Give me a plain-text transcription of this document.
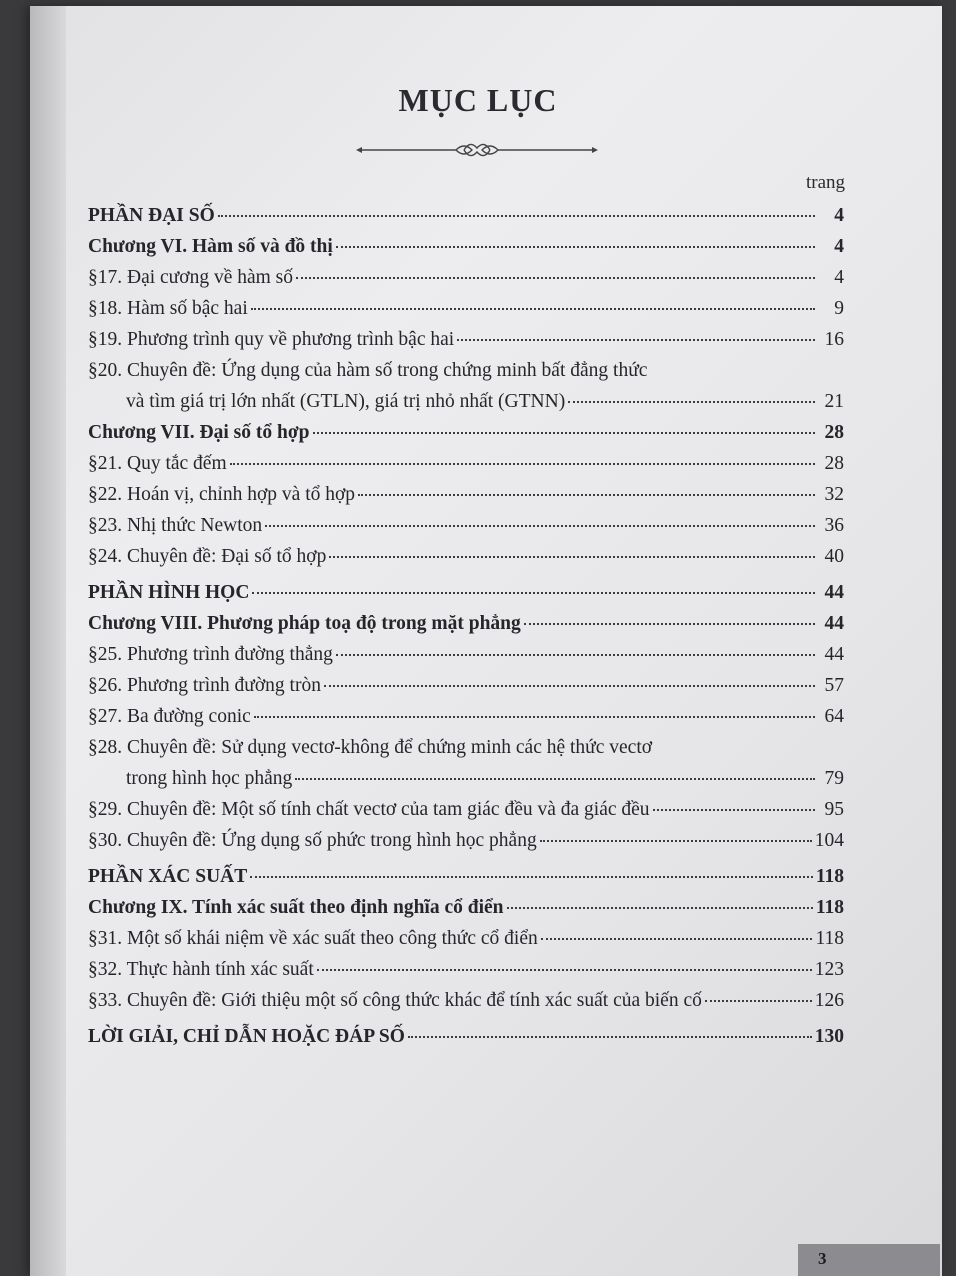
MỤC LỤC
trang
PHẦN ĐẠI SỐ	4
Chương VI. Hàm số và đồ thị	4
§17. Đại cương về hàm số	4
§18. Hàm số bậc hai	9
§19. Phương trình quy về phương trình bậc hai	16
§20. Chuyên đề: Ứng dụng của hàm số trong chứng minh bất đẳng thức
và tìm giá trị lớn nhất (GTLN), giá trị nhỏ nhất (GTNN)	21
Chương VII. Đại số tổ hợp	28
§21. Quy tắc đếm	28
§22. Hoán vị, chỉnh hợp và tổ hợp	32
§23. Nhị thức Newton	36
§24. Chuyên đề: Đại số tổ hợp	40
PHẦN HÌNH HỌC	44
Chương VIII. Phương pháp toạ độ trong mặt phẳng	44
§25. Phương trình đường thẳng	44
§26. Phương trình đường tròn	57
§27. Ba đường conic	64
§28. Chuyên đề: Sử dụng vectơ-không để chứng minh các hệ thức vectơ
trong hình học phẳng	79
§29. Chuyên đề: Một số tính chất vectơ của tam giác đều và đa giác đều	95
§30. Chuyên đề: Ứng dụng số phức trong hình học phẳng	104
PHẦN XÁC SUẤT	118
Chương IX. Tính xác suất theo định nghĩa cổ điển	118
§31. Một số khái niệm về xác suất theo công thức cổ điển	118
§32. Thực hành tính xác suất	123
§33. Chuyên đề: Giới thiệu một số công thức khác để tính xác suất của biến cố	126
LỜI GIẢI, CHỈ DẪN HOẶC ĐÁP SỐ	130
3
